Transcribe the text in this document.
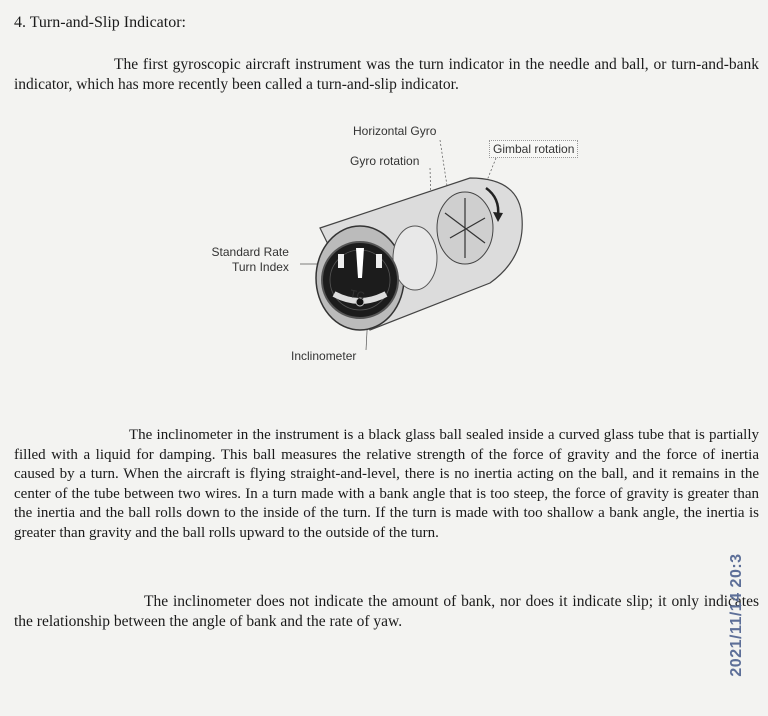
4. Turn-and-Slip Indicator:

The first gyroscopic aircraft instrument was the turn indicator in the needle and ball, or turn-and-bank indicator, which has more recently been called a turn-and-slip indicator.

TC
Horizontal Gyro
Gyro rotation
Gimbal rotation
Standard Rate
Turn Index
Inclinometer

The inclinometer in the instrument is a black glass ball sealed inside a curved glass tube that is partially filled with a liquid for damping. This ball measures the relative strength of the force of gravity and the force of inertia caused by a turn. When the aircraft is flying straight-and-level, there is no inertia acting on the ball, and it remains in the center of the tube between two wires. In a turn made with a bank angle that is too steep, the force of gravity is greater than the inertia and the ball rolls down to the inside of the turn. If the turn is made with too shallow a bank angle, the inertia is greater than gravity and the ball rolls upward to the outside of the turn.

The inclinometer does not indicate the amount of bank, nor does it indicate slip; it only indicates the relationship between the angle of bank and the rate of yaw.	2021/11/14 20:3
